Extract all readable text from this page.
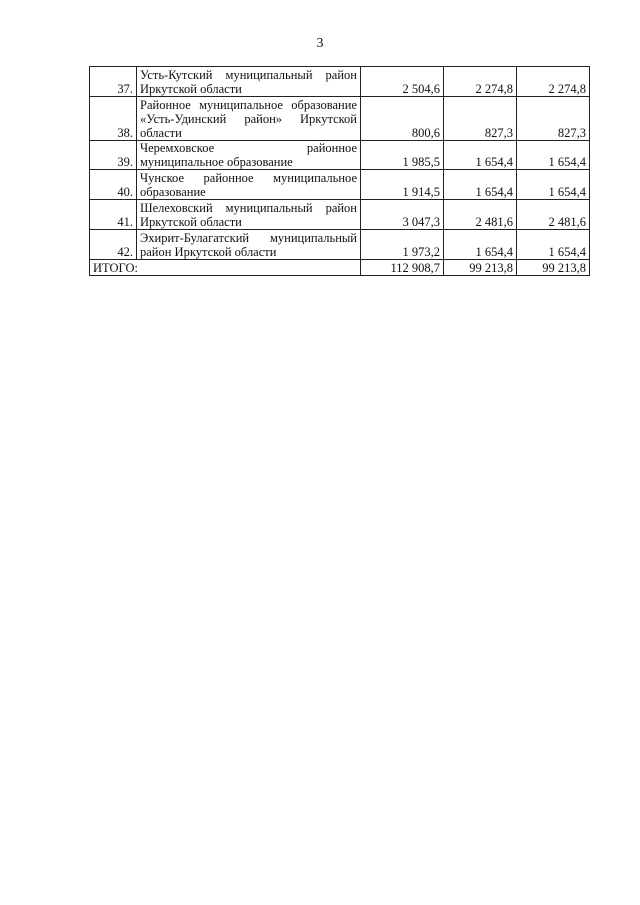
3
37.	Усть-Кутский муниципальный район
Иркутской области	2 504,6	2 274,8	2 274,8
38.	Районное муниципальное образование
«Усть-Удинский район» Иркутской
области	800,6	827,3	827,3
39.	Черемховское районное
муниципальное образование	1 985,5	1 654,4	1 654,4
40.	Чунское районное муниципальное
образование	1 914,5	1 654,4	1 654,4
41.	Шелеховский муниципальный район
Иркутской области	3 047,3	2 481,6	2 481,6
42.	Эхирит-Булагатский муниципальный
район Иркутской области	1 973,2	1 654,4	1 654,4
ИТОГО:		112 908,7	99 213,8	99 213,8
